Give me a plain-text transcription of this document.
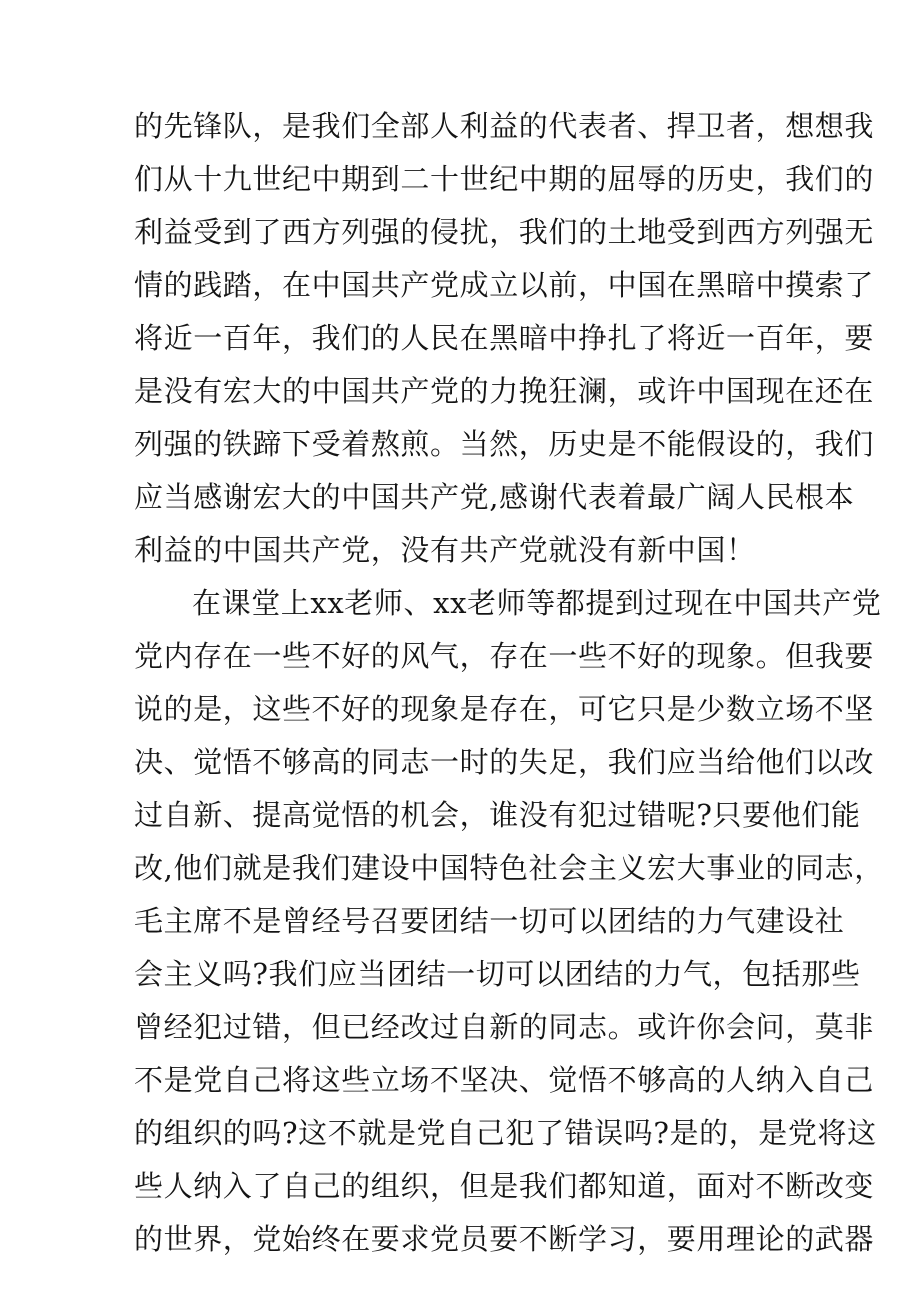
的先锋队，是我们全部人利益的代表者、捍卫者，想想我
们从十九世纪中期到二十世纪中期的屈辱的历史，我们的
利益受到了西方列强的侵扰，我们的土地受到西方列强无
情的践踏，在中国共产党成立以前，中国在黑暗中摸索了
将近一百年，我们的人民在黑暗中挣扎了将近一百年，要
是没有宏大的中国共产党的力挽狂澜，或许中国现在还在
列强的铁蹄下受着熬煎。当然，历史是不能假设的，我们
应当感谢宏大的中国共产党,感谢代表着最广阔人民根本
利益的中国共产党，没有共产党就没有新中国！
在课堂上xx老师、xx老师等都提到过现在中国共产党
党内存在一些不好的风气，存在一些不好的现象。但我要
说的是，这些不好的现象是存在，可它只是少数立场不坚
决、觉悟不够高的同志一时的失足，我们应当给他们以改
过自新、提高觉悟的机会，谁没有犯过错呢?只要他们能
改,他们就是我们建设中国特色社会主义宏大事业的同志，
毛主席不是曾经号召要团结一切可以团结的力气建设社
会主义吗?我们应当团结一切可以团结的力气，包括那些
曾经犯过错，但已经改过自新的同志。或许你会问，莫非
不是党自己将这些立场不坚决、觉悟不够高的人纳入自己
的组织的吗?这不就是党自己犯了错误吗?是的，是党将这
些人纳入了自己的组织，但是我们都知道，面对不断改变
的世界，党始终在要求党员要不断学习，要用理论的武器
